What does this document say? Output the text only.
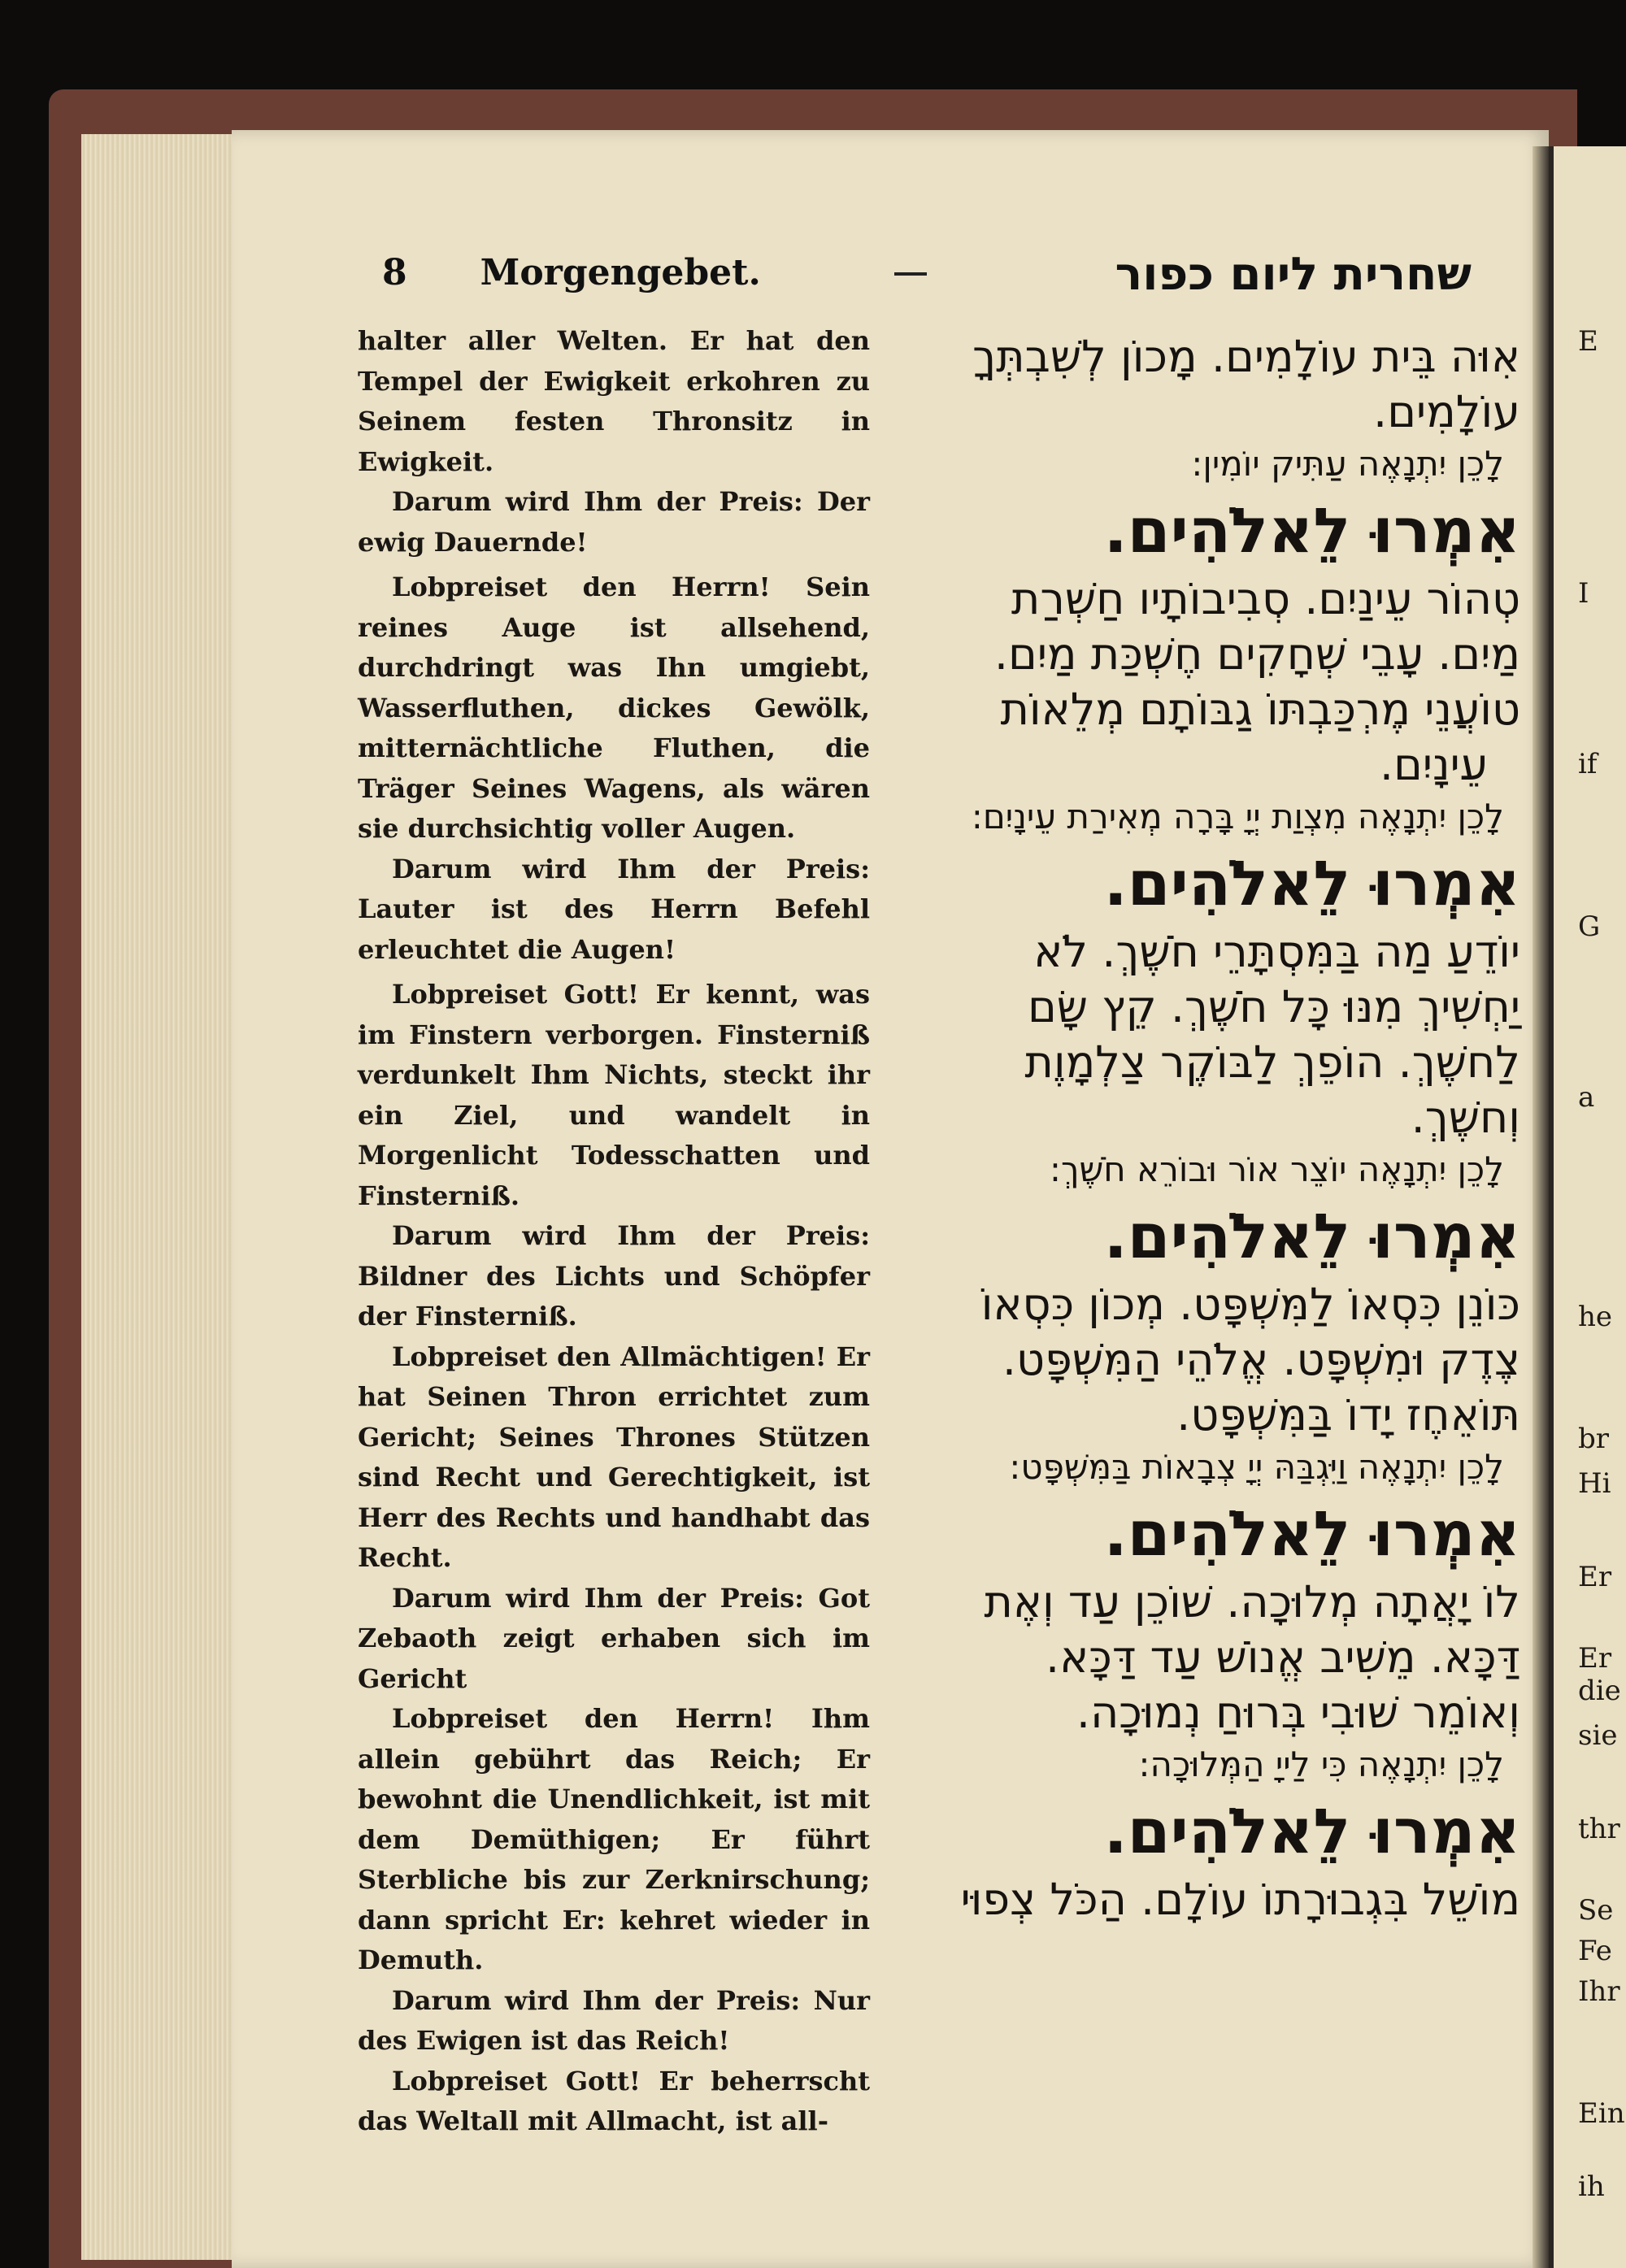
E
I
if
G
a
he
br
Hi
Er
Er
die
sie
thr
Se
Fe
Ihr
Ein
ih
8 Morgengebet.	שחרית ליום כפור

halter aller Welten. Er hat den Tempel der Ewigkeit erkohren zu Seinem festen Thronsitz in Ewigkeit.

Darum wird Ihm der Preis: Der ewig Dauernde!

Lobpreiset den Herrn! Sein reines Auge ist allsehend, durchdringt was Ihn umgiebt, Wasserfluthen, dickes Gewölk, mitternächtliche Fluthen, die Träger Seines Wagens, als wären sie durchsichtig voller Augen.

Darum wird Ihm der Preis: Lauter ist des Herrn Befehl erleuchtet die Augen!

Lobpreiset Gott! Er kennt, was im Finstern verborgen. Finsterniß verdunkelt Ihm Nichts, steckt ihr ein Ziel, und wandelt in Morgenlicht Todesschatten und Finsterniß.

Darum wird Ihm der Preis: Bildner des Lichts und Schöpfer der Finsterniß.

Lobpreiset den Allmächtigen! Er hat Seinen Thron errichtet zum Gericht; Seines Thrones Stützen sind Recht und Gerechtigkeit, ist Herr des Rechts und handhabt das Recht.

Darum wird Ihm der Preis: Got Zebaoth zeigt erhaben sich im Gericht

Lobpreiset den Herrn! Ihm allein gebührt das Reich; Er bewohnt die Unendlichkeit, ist mit dem Demüthigen; Er führt Sterbliche bis zur Zerknirschung; dann spricht Er: kehret wieder in Demuth.

Darum wird Ihm der Preis: Nur des Ewigen ist das Reich!

Lobpreiset Gott! Er beherrscht das Weltall mit Allmacht, ist all-

אִוּה בֵּית עוֹלָמִים. מָכוֹן לְשִׁבְתְּךָ
עוֹלָמִים.
לָכֵן יִתְנָאֶה עַתִּיק יוֹמִין:
אִמְרוּ לֵאלֹהִים.
טְהוֹר עֵינַיִם. סְבִיבוֹתָיו חַשְׁרַת
מַיִם. עָבֵי שְׁחָקִים חֶשְׁכַּת מַיִם.
טוֹעֲנֵי מֶרְכַּבְתּוֹ גַבּוֹתָם מְלֵאוֹת
עֵינָיִם.
לָכֵן יִתְנָאֶה מִצְוַת יְיָ בָּרָה מְאִירַת עֵינָיִם:
אִמְרוּ לֵאלֹהִים.
יוֹדֵעַ מַה בַּמִּסְתָּרֵי חֹשֶׁךְ. לֹא
יַחְשִׁיךְ מִנּוּ כָּל חֹשֶׁךְ. קֵץ שָׂם
לַחשֶׁךְ. הוֹפֵךְ לַבּוֹקֶר צַלְמָוֶת
וְחשֶׁךְ.
לָכֵן יִתְנָאֶה יוֹצֵר אוֹר וּבוֹרֵא חֹשֶׁךְ:
אִמְרוּ לֵאלֹהִים.
כּוֹנֵן כִּסְאוֹ לַמִּשְׁפָּט. מְכוֹן כִּסְאוֹ
צֶדֶק וּמִשְׁפָּט. אֱלֹהֵי הַמִּשְׁפָּט.
תּוֹאֵחֶז יָדוֹ בַּמִּשְׁפָּט.
לָכֵן יִתְנָאֶה וַיִּגְבַּהּ יְיָ צְבָאוֹת בַּמִּשְׁפָּט:
אִמְרוּ לֵאלֹהִים.
לוֹ יָאֲתָה מְלוּכָה. שׁוֹכֵן עַד וְאֶת
דַּכָּא. מֵשִׁיב אֱנוֹשׁ עַד דַּכָּא.
וְאוֹמֵר שׁוּבִי בְּרוּחַ נְמוּכָה.
לָכֵן יִתְנָאֶה כִּי לַייָ הַמְּלוּכָה:
אִמְרוּ לֵאלֹהִים.
מוֹשֵׁל בִּגְבוּרָתוֹ עוֹלָם. הַכֹּל צְפוּי
